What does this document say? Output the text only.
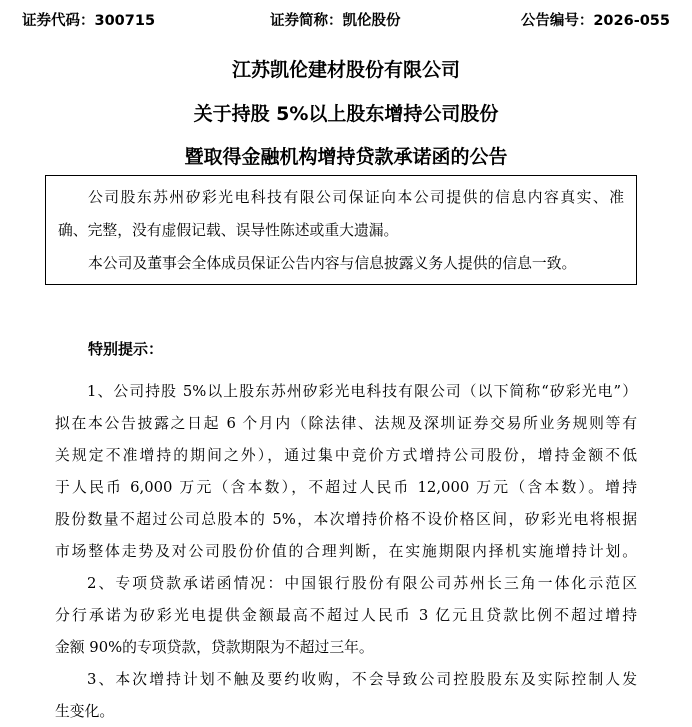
证券代码：300715	证券简称：凯伦股份	公告编号：2026-055
江苏凯伦建材股份有限公司
关于持股 5%以上股东增持公司股份
暨取得金融机构增持贷款承诺函的公告
公司股东苏州矽彩光电科技有限公司保证向本公司提供的信息内容真实、准
确、完整，没有虚假记载、误导性陈述或重大遗漏。
本公司及董事会全体成员保证公告内容与信息披露义务人提供的信息一致。
特别提示：
1、公司持股 5%以上股东苏州矽彩光电科技有限公司（以下简称“矽彩光电”）
拟在本公告披露之日起 6 个月内（除法律、法规及深圳证券交易所业务规则等有
关规定不准增持的期间之外），通过集中竞价方式增持公司股份，增持金额不低
于人民币 6,000 万元（含本数），不超过人民币 12,000 万元（含本数）。增持
股份数量不超过公司总股本的 5%，本次增持价格不设价格区间，矽彩光电将根据
市场整体走势及对公司股份价值的合理判断，在实施期限内择机实施增持计划。
2、专项贷款承诺函情况：中国银行股份有限公司苏州长三角一体化示范区
分行承诺为矽彩光电提供金额最高不超过人民币 3 亿元且贷款比例不超过增持
金额 90%的专项贷款，贷款期限为不超过三年。
3、本次增持计划不触及要约收购，不会导致公司控股股东及实际控制人发
生变化。
